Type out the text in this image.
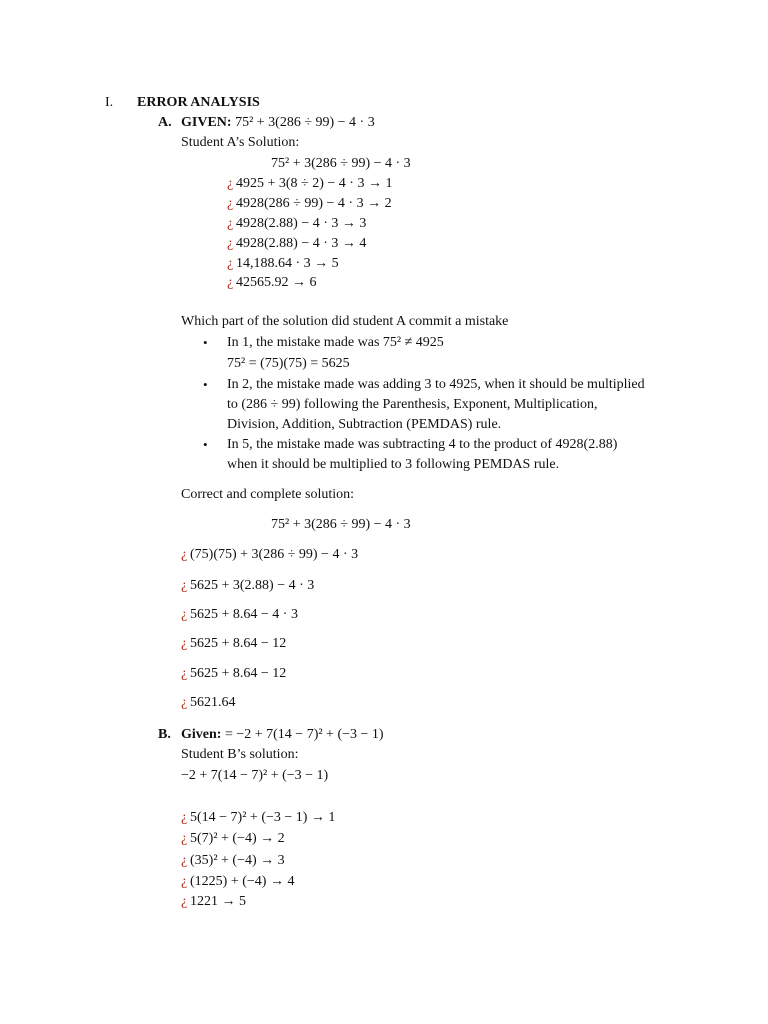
I. ERROR ANALYSIS
A. GIVEN: 75² + 3(286 ÷ 99) − 4 · 3
Student A’s Solution:
75² + 3(286 ÷ 99) − 4 · 3
¿ 4925 + 3(8 ÷ 2) − 4 · 3 → 1
¿ 4928(286 ÷ 99) − 4 · 3 → 2
¿ 4928(2.88) − 4 · 3 → 3
¿ 4928(2.88) − 4 · 3 → 4
¿ 14,188.64 · 3 → 5
¿ 42565.92 → 6
Which part of the solution did student A commit a mistake
• In 1, the mistake made was 75² ≠ 4925
75² = (75)(75) = 5625
• In 2, the mistake made was adding 3 to 4925, when it should be multiplied
to (286 ÷ 99) following the Parenthesis, Exponent, Multiplication,
Division, Addition, Subtraction (PEMDAS) rule.
• In 5, the mistake made was subtracting 4 to the product of 4928(2.88)
when it should be multiplied to 3 following PEMDAS rule.
Correct and complete solution:
75² + 3(286 ÷ 99) − 4 · 3
¿ (75)(75) + 3(286 ÷ 99) − 4 · 3
¿ 5625 + 3(2.88) − 4 · 3
¿ 5625 + 8.64 − 4 · 3
¿ 5625 + 8.64 − 12
¿ 5625 + 8.64 − 12
¿ 5621.64
B. Given: = −2 + 7(14 − 7)² + (−3 − 1)
Student B’s solution:
−2 + 7(14 − 7)² + (−3 − 1)
¿ 5(14 − 7)² + (−3 − 1) → 1
¿ 5(7)² + (−4) → 2
¿ (35)² + (−4) → 3
¿ (1225) + (−4) → 4
¿ 1221 → 5
